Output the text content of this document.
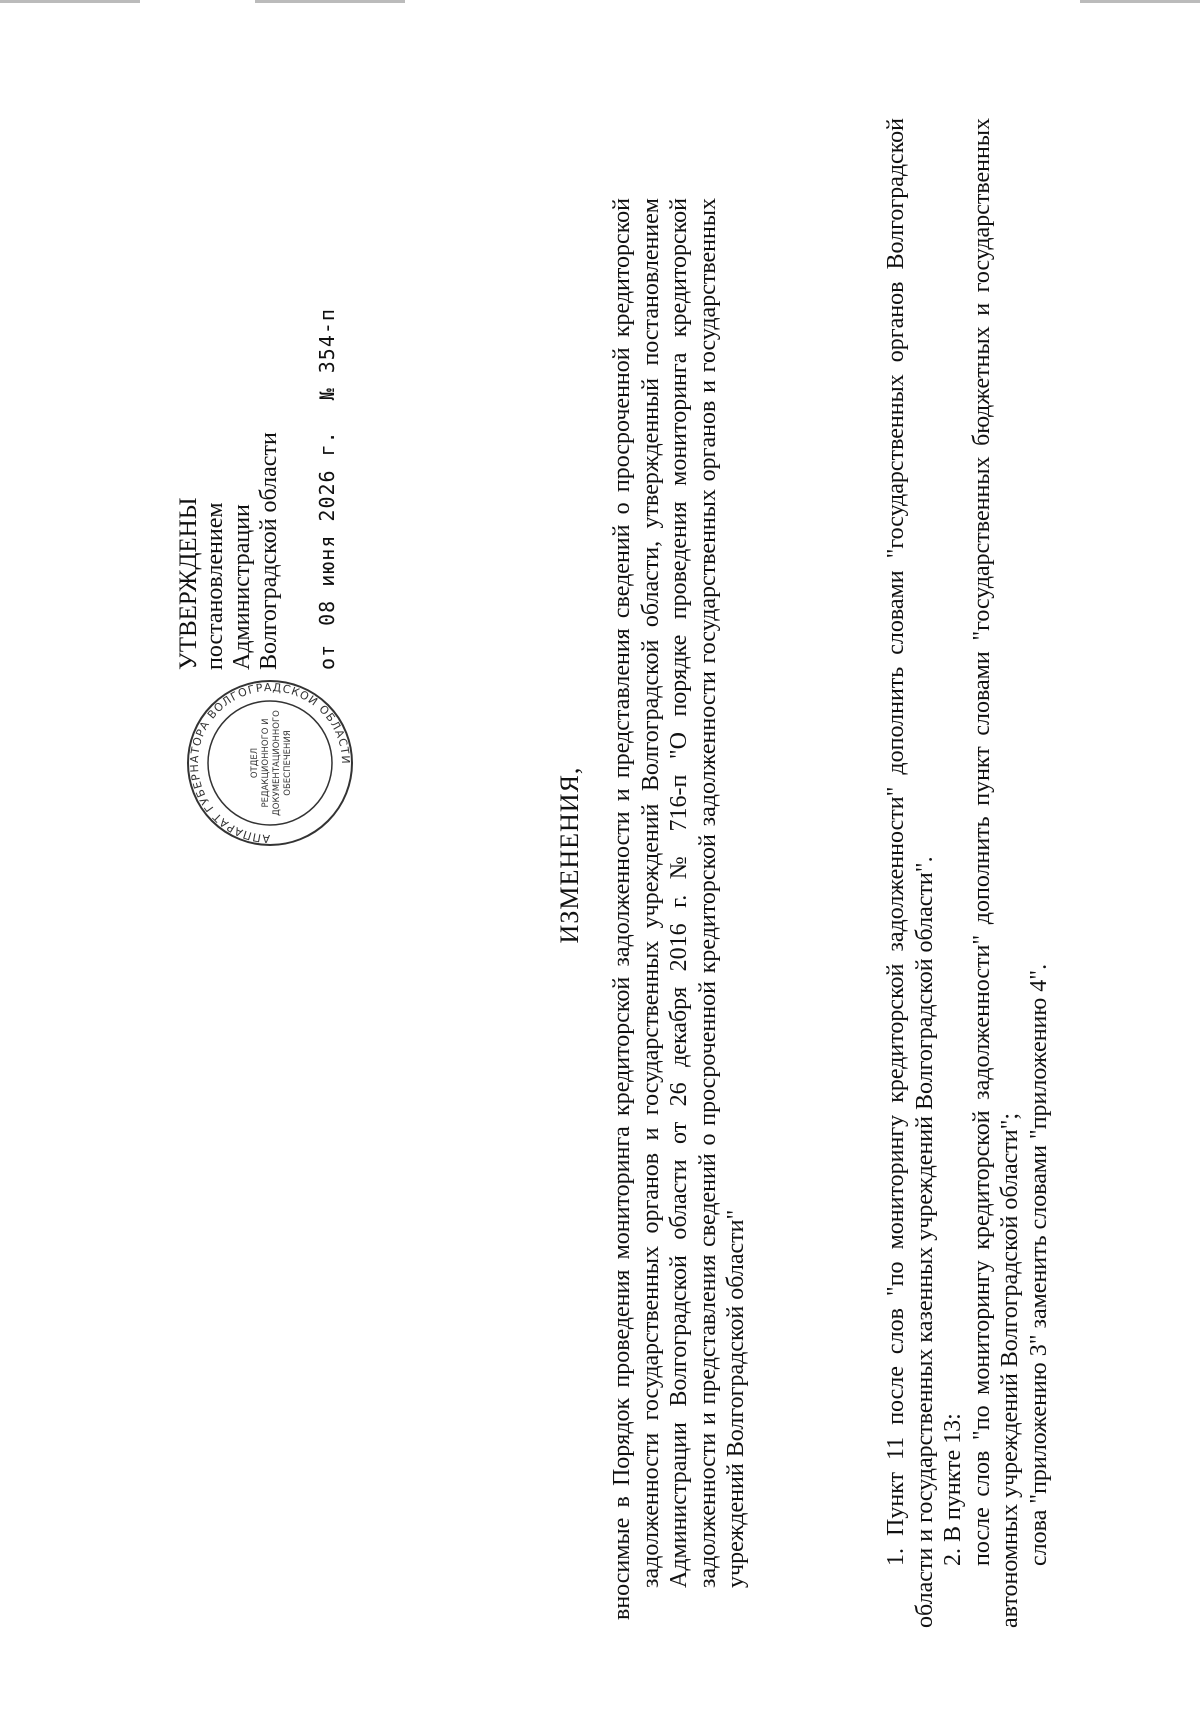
АППАРАТ ГУБЕРНАТОРА ВОЛГОГРАДСКОЙ ОБЛАСТИ
ОТДЕЛ РЕДАКЦИОННОГО И ДОКУМЕНТАЦИОННОГО ОБЕСПЕЧЕНИЯ
УТВЕРЖДЕНЫ постановлением Администрации Волгоградской области от08 июня 2026 г.№354-п
ИЗМЕНЕНИЯ, вносимые в Порядок проведения мониторинга кредиторской задолженности и представления сведений о просроченной кредиторской задолженности государственных органов и государственных учреждений Волгоградской области, утвержденный постановлением Администрации Волгоградской области от 26 декабря 2016 г. № 716-п "О порядке проведения мониторинга кредиторской задолженности и представления сведений о просроченной кредиторской задолженности государственных органов и государственных учреждений Волгоградской области"	1. Пункт 11 после слов "по мониторингу кредиторской задолженности" дополнить словами "государственных органов Волгоградской области и государственных казенных учреждений Волгоградской области". 2. В пункте 13: после слов "по мониторингу кредиторской задолженности" дополнить пункт словами "государственных бюджетных и государственных автономных учреждений Волгоградской области"; слова "приложению 3" заменить словами "приложению 4".
